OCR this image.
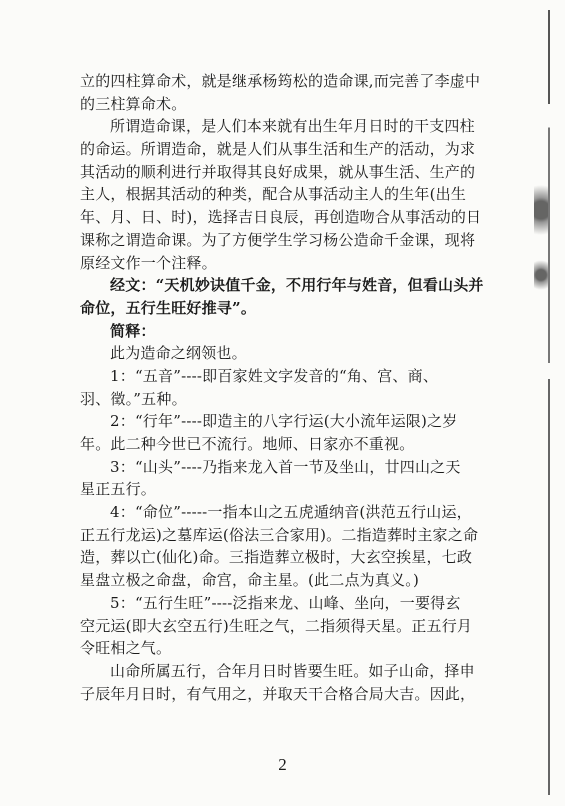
立的四柱算命术，就是继承杨筠松的造命课,而完善了李虚中
的三柱算命术。
所谓造命课，是人们本来就有出生年月日时的干支四柱
的命运。所谓造命，就是人们从事生活和生产的活动，为求
其活动的顺利进行并取得其良好成果，就从事生活、生产的
主人，根据其活动的种类，配合从事活动主人的生年(出生
年、月、日、时)，选择吉日良辰，再创造吻合从事活动的日
课称之谓造命课。为了方便学生学习杨公造命千金课，现将
原经文作一个注释。
经文：“天机妙诀值千金，不用行年与姓音，但看山头并
命位，五行生旺好推寻”。
简释：
此为造命之纲领也。
1：“五音”----即百家姓文字发音的“角、宫、商、
羽、徵。”五种。
2：“行年”----即造主的八字行运(大小流年运限)之岁
年。此二种今世已不流行。地师、日家亦不重视。
3：“山头”----乃指来龙入首一节及坐山，廿四山之天
星正五行。
4：“命位”-----一指本山之五虎遁纳音(洪范五行山运，
正五行龙运)之墓库运(俗法三合家用)。二指造葬时主家之命
造，葬以亡(仙化)命。三指造葬立极时，大玄空挨星，七政
星盘立极之命盘，命宫，命主星。(此二点为真义。)
5：“五行生旺”----泛指来龙、山峰、坐向，一要得玄
空元运(即大玄空五行)生旺之气，二指须得天星。正五行月
令旺相之气。
山命所属五行，合年月日时皆要生旺。如子山命，择申
子辰年月日时，有气用之，并取天干合格合局大吉。因此，
2
